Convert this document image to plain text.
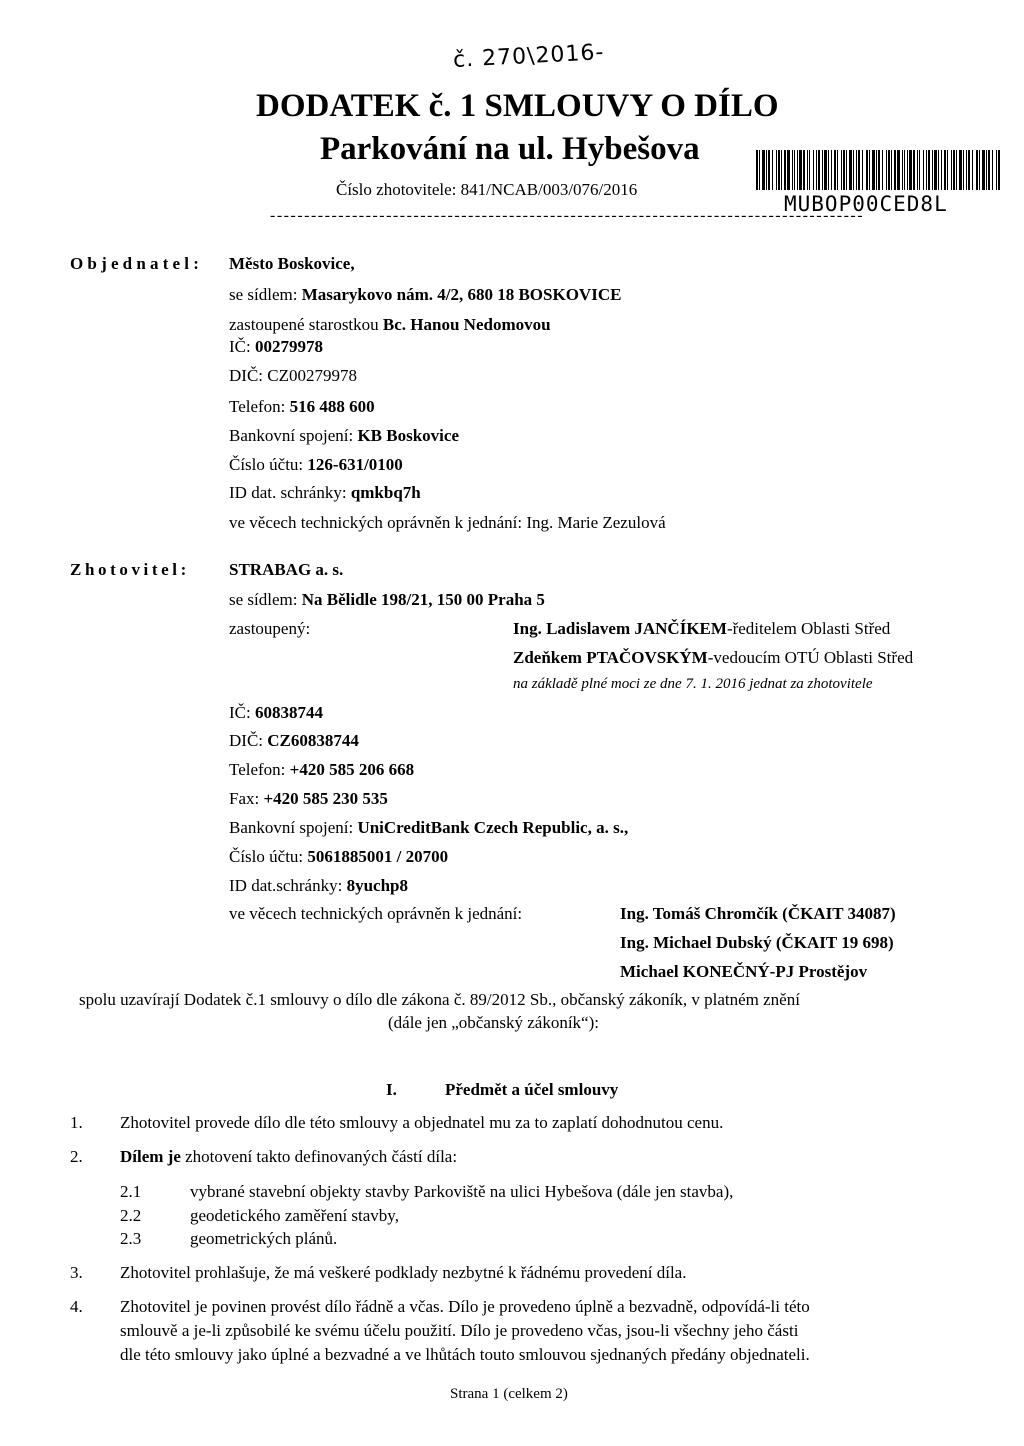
č. 270\2016-
DODATEK č. 1 SMLOUVY O DÍLO
Parkování na ul. Hybešova
Číslo zhotovitele: 841/NCAB/003/076/2016
MUBOP00CED8L
---------------------------------------------------------------------------------------
Objednatel: Město Boskovice,
se sídlem: Masarykovo nám. 4/2, 680 18 BOSKOVICE
zastoupené starostkou Bc. Hanou Nedomovou
IČ: 00279978
DIČ: CZ00279978
Telefon: 516 488 600
Bankovní spojení: KB Boskovice
Číslo účtu: 126-631/0100
ID dat. schránky: qmkbq7h
ve věcech technických oprávněn k jednání: Ing. Marie Zezulová
Zhotovitel: STRABAG a. s.
se sídlem: Na Bělidle 198/21, 150 00 Praha 5
zastoupený:	Ing. Ladislavem JANČÍKEM-ředitelem Oblasti Střed
Zdeňkem PTAČOVSKÝM-vedoucím OTÚ Oblasti Střed
na základě plné moci ze dne 7. 1. 2016 jednat za zhotovitele
IČ: 60838744
DIČ: CZ60838744
Telefon: +420 585 206 668
Fax: +420 585 230 535
Bankovní spojení: UniCreditBank Czech Republic, a. s.,
Číslo účtu: 5061885001 / 20700
ID dat.schránky: 8yuchp8
ve věcech technických oprávněn k jednání:	Ing. Tomáš Chromčík (ČKAIT 34087)
Ing. Michael Dubský (ČKAIT 19 698)
Michael KONEČNÝ-PJ Prostějov
spolu uzavírají Dodatek č.1 smlouvy o dílo dle zákona č. 89/2012 Sb., občanský zákoník, v platném znění
(dále jen „občanský zákoník“):
I.	Předmět a účel smlouvy
1. Zhotovitel provede dílo dle této smlouvy a objednatel mu za to zaplatí dohodnutou cenu.
2. Dílem je zhotovení takto definovaných částí díla:
2.1	vybrané stavební objekty stavby Parkoviště na ulici Hybešova (dále jen stavba),
2.2	geodetického zaměření stavby,
2.3	geometrických plánů.
3. Zhotovitel prohlašuje, že má veškeré podklady nezbytné k řádnému provedení díla.
4. Zhotovitel je povinen provést dílo řádně a včas. Dílo je provedeno úplně a bezvadně, odpovídá-li této
smlouvě a je-li způsobilé ke svému účelu použití. Dílo je provedeno včas, jsou-li všechny jeho části
dle této smlouvy jako úplné a bezvadné a ve lhůtách touto smlouvou sjednaných předány objednateli.
Strana 1 (celkem 2)
